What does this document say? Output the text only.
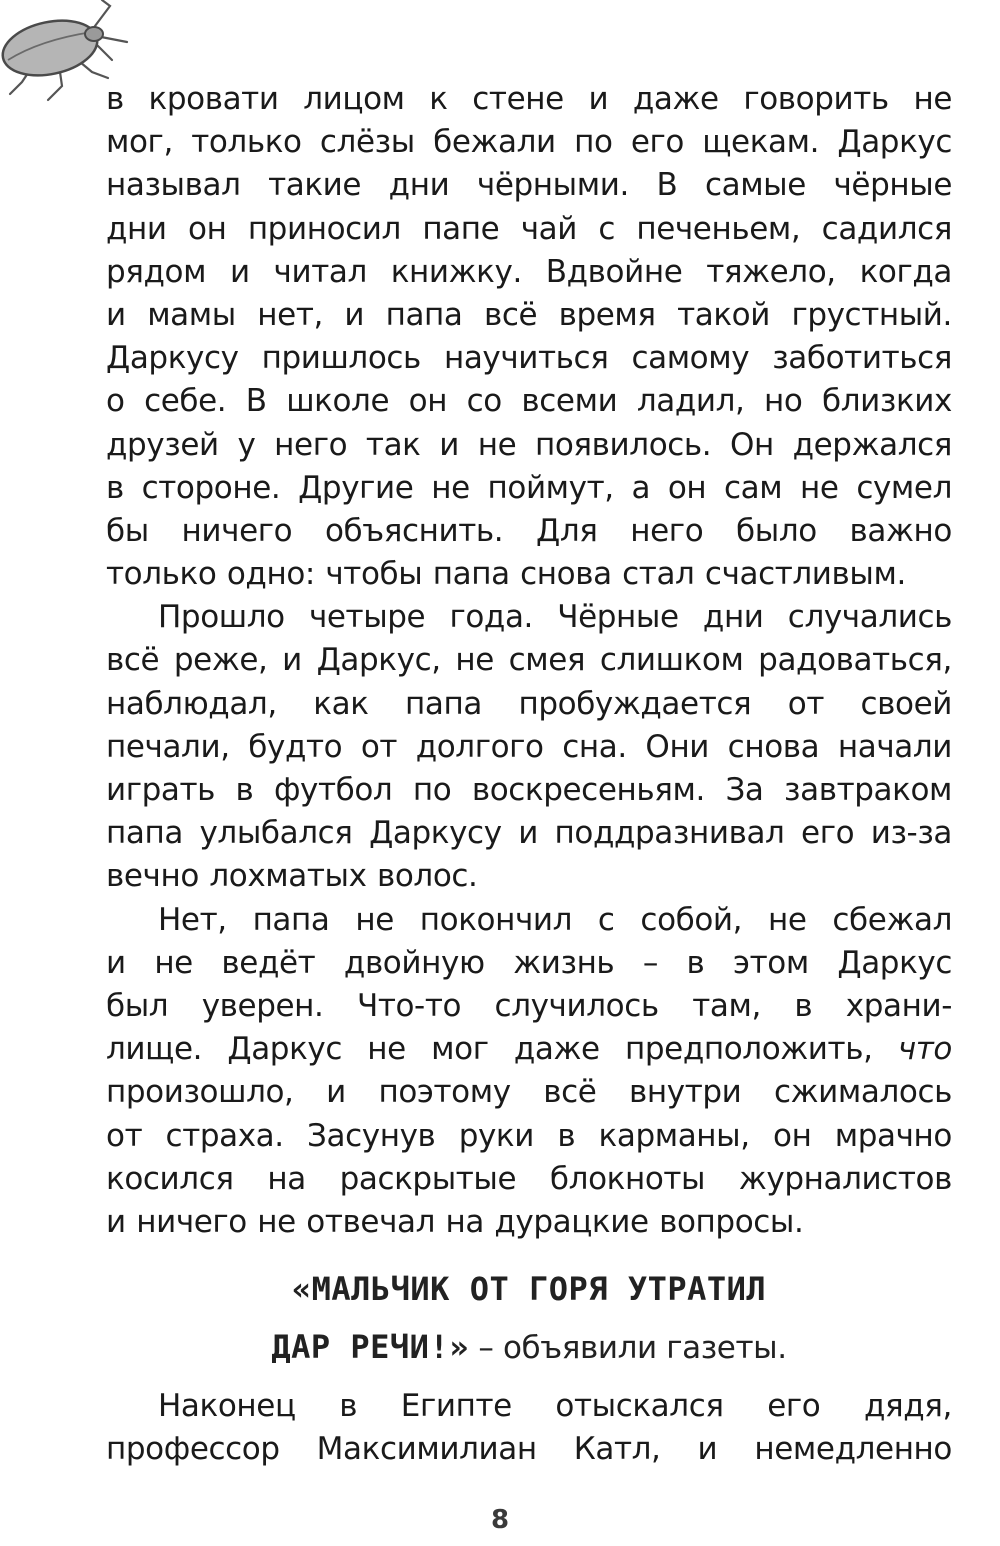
в кровати лицом к стене и даже говорить не
мог, только слёзы бежали по его щекам. Даркус
называл такие дни чёрными. В самые чёрные
дни он приносил папе чай с печеньем, садился
рядом и читал книжку. Вдвойне тяжело, когда
и мамы нет, и папа всё время такой грустный.
Даркусу пришлось научиться самому заботиться
о себе. В школе он со всеми ладил, но близких
друзей у него так и не появилось. Он держался
в стороне. Другие не поймут, а он сам не сумел
бы ничего объяснить. Для него было важно
только одно: чтобы папа снова стал счастливым.
Прошло четыре года. Чёрные дни случались
всё реже, и Даркус, не смея слишком радоваться,
наблюдал, как папа пробуждается от своей
печали, будто от долгого сна. Они снова начали
играть в футбол по воскресеньям. За завтраком
папа улыбался Даркусу и поддразнивал его из-за
вечно лохматых волос.
Нет, папа не покончил с собой, не сбежал
и не ведёт двойную жизнь – в этом Даркус
был уверен. Что-то случилось там, в храни-
лище. Даркус не мог даже предположить, что
произошло, и поэтому всё внутри сжималось
от страха. Засунув руки в карманы, он мрачно
косился на раскрытые блокноты журналистов
и ничего не отвечал на дурацкие вопросы.
«МАЛЬЧИК ОТ ГОРЯ УТРАТИЛ
ДАР РЕЧИ!» – объявили газеты.
Наконец в Египте отыскался его дядя,
профессор Максимилиан Катл, и немедленно
8
